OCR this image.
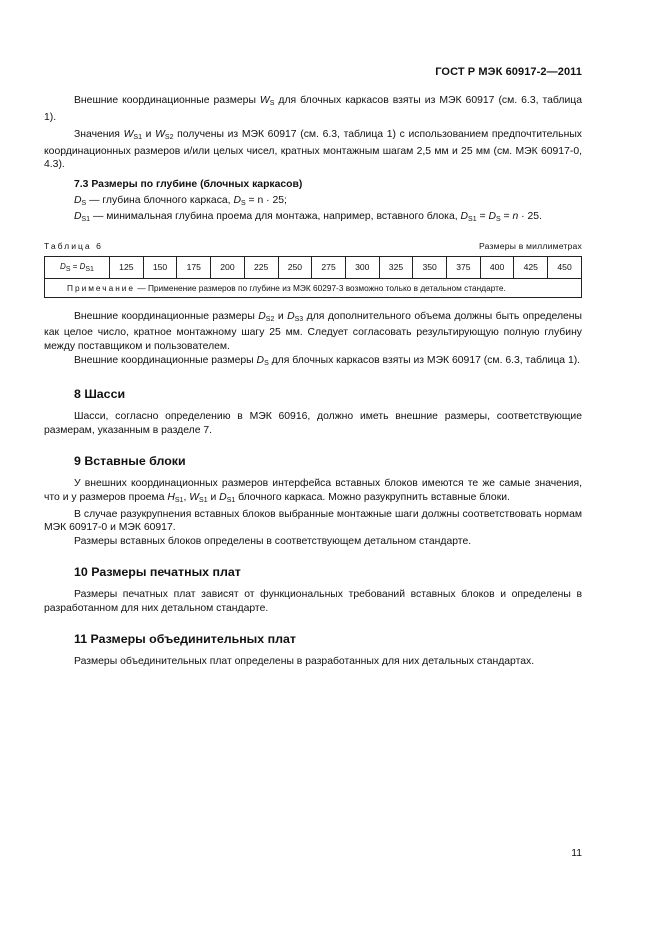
ГОСТ Р МЭК 60917-2—2011

Внешние координационные размеры $W_S$ для блочных каркасов взяты из МЭК 60917 (см. 6.3, таблица 1).

Значения $W_{S1}$ и $W_{S2}$ получены из МЭК 60917 (см. 6.3, таблица 1) с использованием предпочтительных координационных размеров и/или целых чисел, кратных монтажным шагам 2,5 мм и 25 мм (см. МЭК 60917-0, 4.3).

7.3 Размеры по глубине (блочных каркасов)
$D_S$ — глубина блочного каркаса, $D_S = n \cdot 25$;
$D_{S1}$ — минимальная глубина проема для монтажа, например, вставного блока, $D_{S1} = D_S = n \cdot 25$.
Таблица 6	Размеры в миллиметрах
DS = DS1	125	150	175	200	225	250	275	300	325	350	375	400	425	450
Примечание — Применение размеров по глубине из МЭК 60297-3 возможно только в детальном стандарте.

Внешние координационные размеры $D_{S2}$ и $D_{S3}$ для дополнительного объема должны быть определены как целое число, кратное монтажному шагу 25 мм. Следует согласовать результирующую полную глубину между поставщиком и пользователем.

Внешние координационные размеры $D_S$ для блочных каркасов взяты из МЭК 60917 (см. 6.3, таблица 1).

8 Шасси

Шасси, согласно определению в МЭК 60916, должно иметь внешние размеры, соответствующие размерам, указанным в разделе 7.

9 Вставные блоки

У внешних координационных размеров интерфейса вставных блоков имеются те же самые значения, что и у размеров проема $H_{S1}$, $W_{S1}$ и $D_{S1}$ блочного каркаса. Можно разукрупнить вставные блоки.

В случае разукрупнения вставных блоков выбранные монтажные шаги должны соответствовать нормам МЭК 60917-0 и МЭК 60917.

Размеры вставных блоков определены в соответствующем детальном стандарте.

10 Размеры печатных плат

Размеры печатных плат зависят от функциональных требований вставных блоков и определены в разработанном для них детальном стандарте.

11 Размеры объединительных плат

Размеры объединительных плат определены в разработанных для них детальных стандартах.

11
